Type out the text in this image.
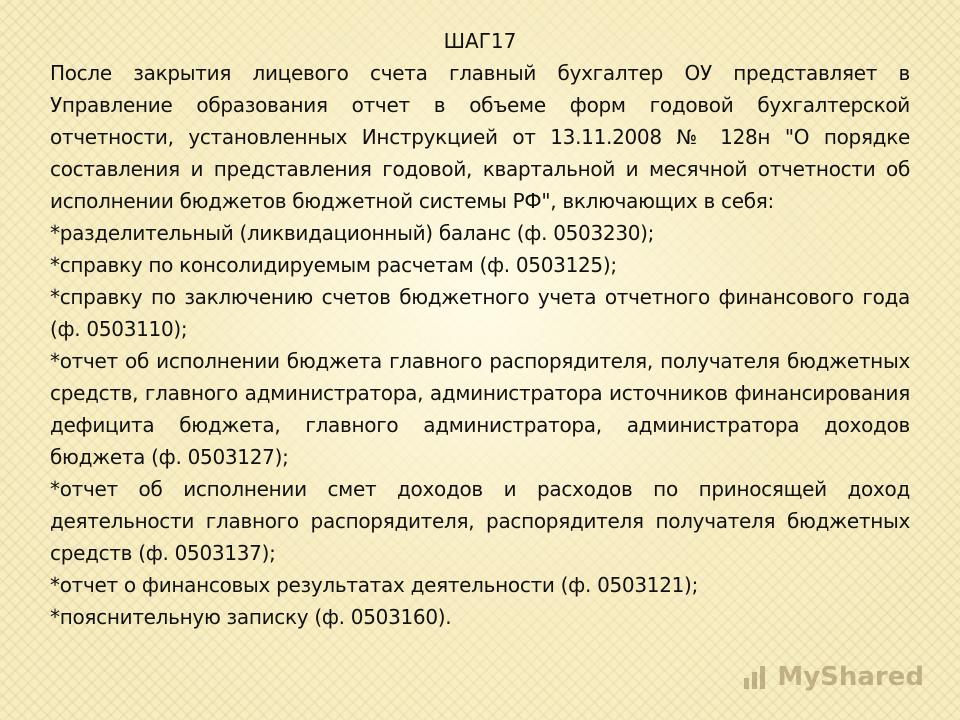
ШАГ17

После закрытия лицевого счета главный бухгалтер ОУ представляет в Управление образования отчет в объеме форм годовой бухгалтерской отчетности, установленных Инструкцией от 13.11.2008 № 128н "О порядке составления и представления годовой, квартальной и месячной отчетности об исполнении бюджетов бюджетной системы РФ", включающих в себя:

*разделительный (ликвидационный) баланс (ф. 0503230);

*справку по консолидируемым расчетам (ф. 0503125);

*справку по заключению счетов бюджетного учета отчетного финансового года (ф. 0503110);

*отчет об исполнении бюджета главного распорядителя, получателя бюджетных средств, главного администратора, администратора источников финансирования дефицита бюджета, главного администратора, администратора доходов бюджета (ф. 0503127);

*отчет об исполнении смет доходов и расходов по приносящей доход деятельности главного распорядителя, распорядителя получателя бюджетных средств (ф. 0503137);

*отчет о финансовых результатах деятельности (ф. 0503121);

*пояснительную записку (ф. 0503160).

MyShared
